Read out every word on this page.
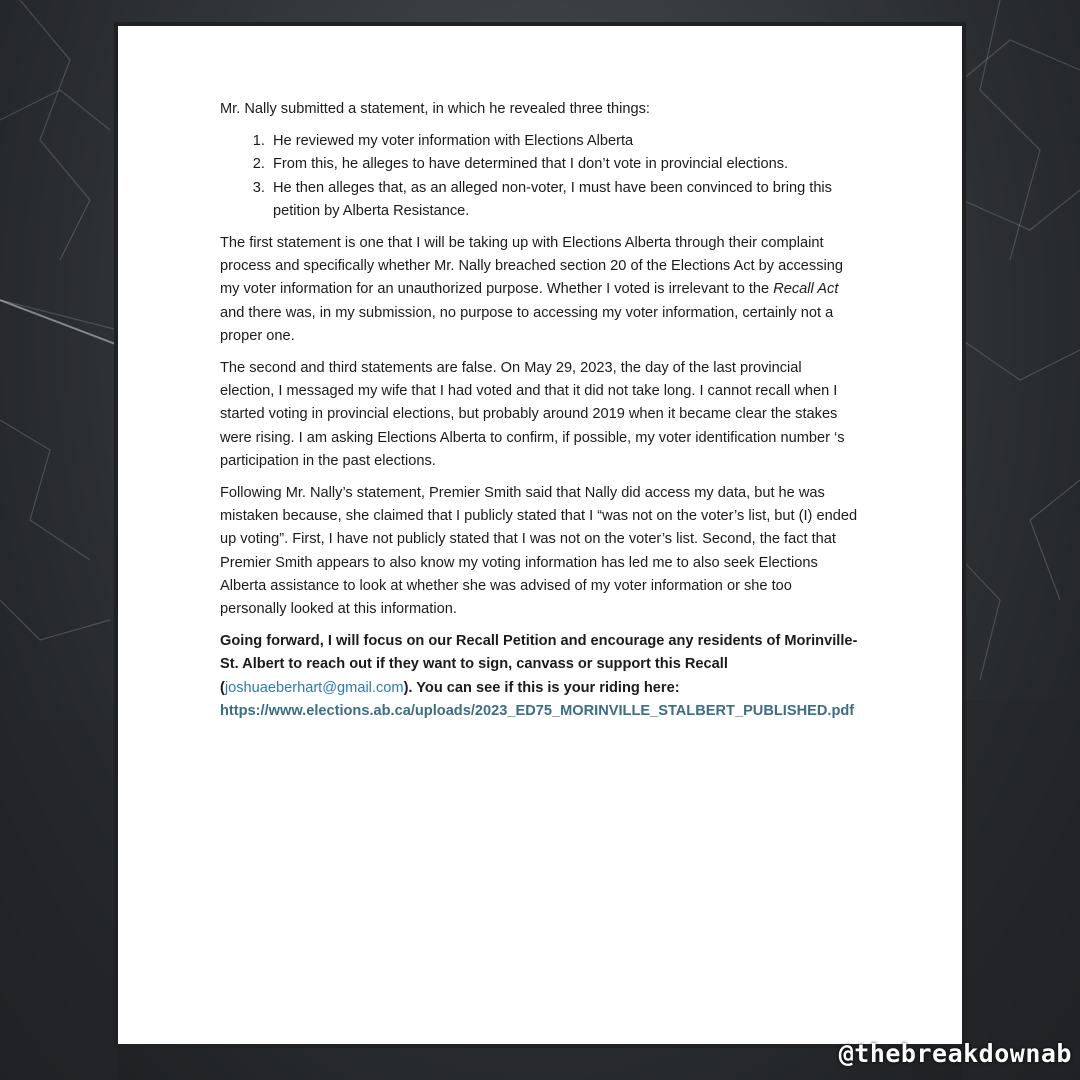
Mr. Nally submitted a statement, in which he revealed three things:

1. He reviewed my voter information with Elections Alberta
2. From this, he alleges to have determined that I don’t vote in provincial elections.
3. He then alleges that, as an alleged non-voter, I must have been convinced to bring this petition by Alberta Resistance.

The first statement is one that I will be taking up with Elections Alberta through their complaint process and specifically whether Mr. Nally breached section 20 of the Elections Act by accessing my voter information for an unauthorized purpose. Whether I voted is irrelevant to the Recall Act and there was, in my submission, no purpose to accessing my voter information, certainly not a proper one.

The second and third statements are false. On May 29, 2023, the day of the last provincial election, I messaged my wife that I had voted and that it did not take long. I cannot recall when I started voting in provincial elections, but probably around 2019 when it became clear the stakes were rising. I am asking Elections Alberta to confirm, if possible, my voter identification number ‘s participation in the past elections.

Following Mr. Nally’s statement, Premier Smith said that Nally did access my data, but he was mistaken because, she claimed that I publicly stated that I “was not on the voter’s list, but (I) ended up voting”. First, I have not publicly stated that I was not on the voter’s list. Second, the fact that Premier Smith appears to also know my voting information has led me to also seek Elections Alberta assistance to look at whether she was advised of my voter information or she too personally looked at this information.

Going forward, I will focus on our Recall Petition and encourage any residents of Morinville-St. Albert to reach out if they want to sign, canvass or support this Recall (joshuaeberhart@gmail.com). You can see if this is your riding here:
https://www.elections.ab.ca/uploads/2023_ED75_MORINVILLE_STALBERT_PUBLISHED.pdf

@thebreakdownab
